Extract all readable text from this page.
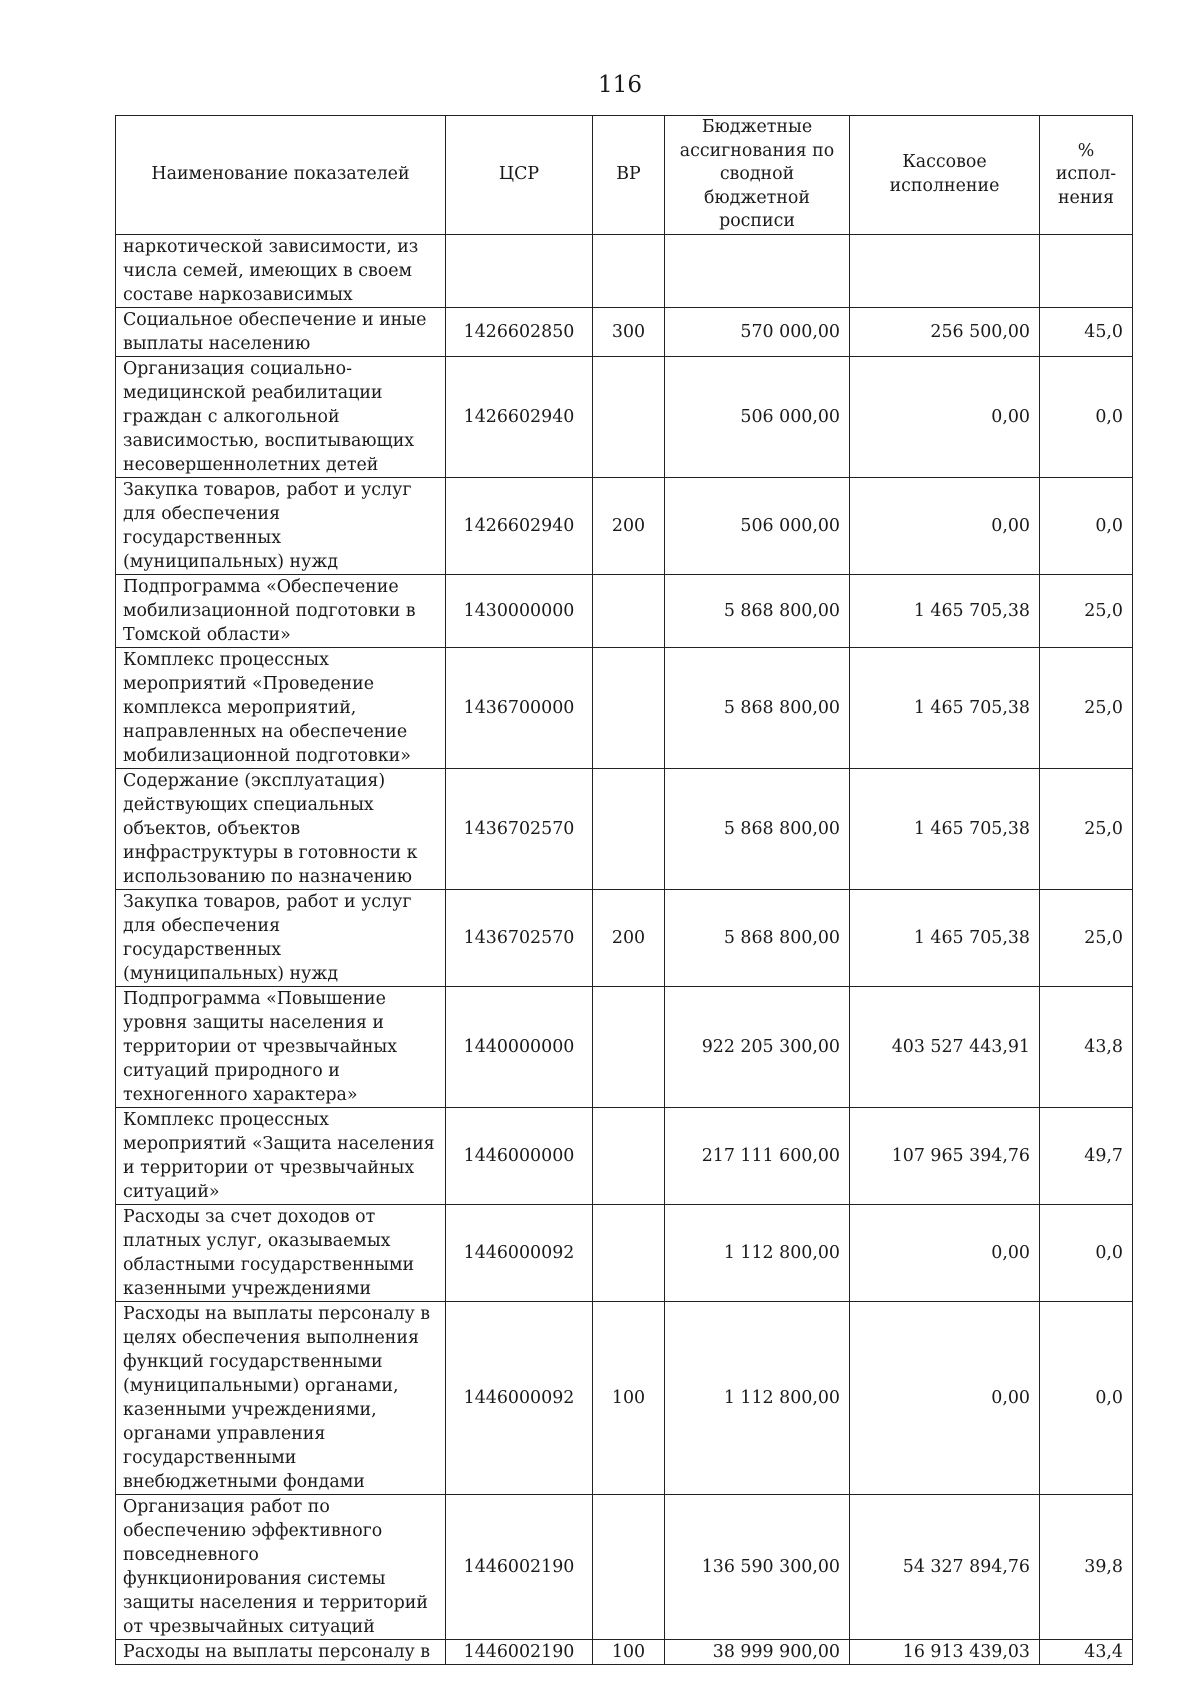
116
Наименование показателей	ЦСР	ВР	Бюджетные ассигнования по сводной бюджетной росписи	Кассовое исполнение	% испол-нения
наркотической зависимости, из числа семей, имеющих в своем составе наркозависимых					
Социальное обеспечение и иные выплаты населению	1426602850	300	570 000,00	256 500,00	45,0
Организация социально-медицинской реабилитации граждан с алкогольной зависимостью, воспитывающих несовершеннолетних детей	1426602940		506 000,00	0,00	0,0
Закупка товаров, работ и услуг для обеспечения государственных (муниципальных) нужд	1426602940	200	506 000,00	0,00	0,0
Подпрограмма «Обеспечение мобилизационной подготовки в Томской области»	1430000000		5 868 800,00	1 465 705,38	25,0
Комплекс процессных мероприятий «Проведение комплекса мероприятий, направленных на обеспечение мобилизационной подготовки»	1436700000		5 868 800,00	1 465 705,38	25,0
Содержание (эксплуатация) действующих специальных объектов, объектов инфраструктуры в готовности к использованию по назначению	1436702570		5 868 800,00	1 465 705,38	25,0
Закупка товаров, работ и услуг для обеспечения государственных (муниципальных) нужд	1436702570	200	5 868 800,00	1 465 705,38	25,0
Подпрограмма «Повышение уровня защиты населения и территории от чрезвычайных ситуаций природного и техногенного характера»	1440000000		922 205 300,00	403 527 443,91	43,8
Комплекс процессных мероприятий «Защита населения и территории от чрезвычайных ситуаций»	1446000000		217 111 600,00	107 965 394,76	49,7
Расходы за счет доходов от платных услуг, оказываемых областными государственными казенными учреждениями	1446000092		1 112 800,00	0,00	0,0
Расходы на выплаты персоналу в целях обеспечения выполнения функций государственными (муниципальными) органами, казенными учреждениями, органами управления государственными внебюджетными фондами	1446000092	100	1 112 800,00	0,00	0,0
Организация работ по обеспечению эффективного повседневного функционирования системы защиты населения и территорий от чрезвычайных ситуаций	1446002190		136 590 300,00	54 327 894,76	39,8
Расходы на выплаты персоналу в	1446002190	100	38 999 900,00	16 913 439,03	43,4
